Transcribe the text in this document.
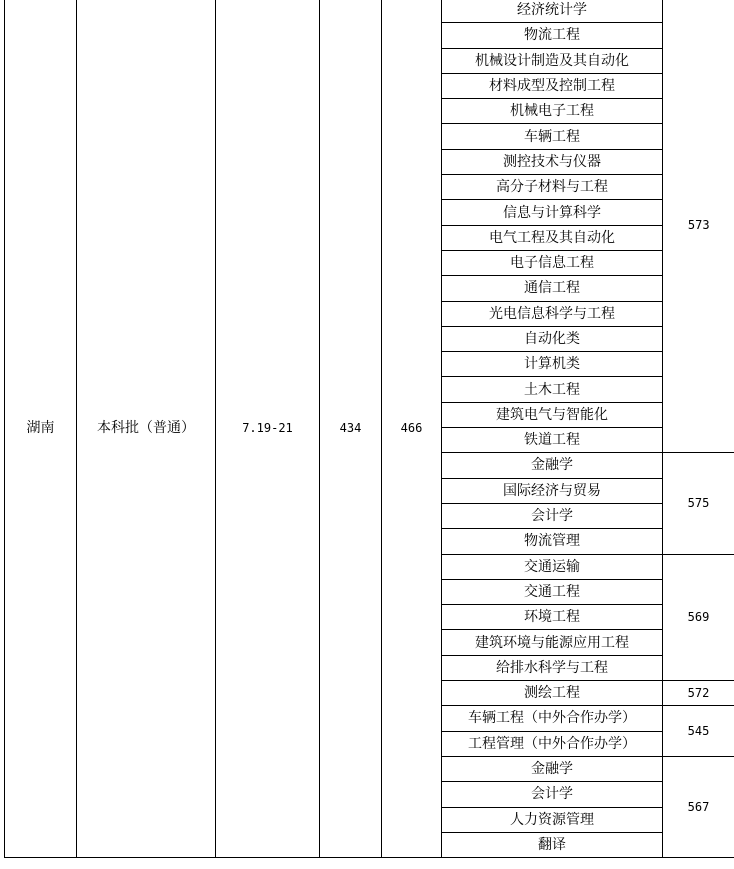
湖南	本科批（普通）	7.19-21	434	466	经济统计学	573
					物流工程	
					机械设计制造及其自动化	
					材料成型及控制工程	
					机械电子工程	
					车辆工程	
					测控技术与仪器	
					高分子材料与工程	
					信息与计算科学	
					电气工程及其自动化	
					电子信息工程	
					通信工程	
					光电信息科学与工程	
					自动化类	
					计算机类	
					土木工程	
					建筑电气与智能化	
					铁道工程	
					金融学	575
					国际经济与贸易	
					会计学	
					物流管理	
					交通运输	569
					交通工程	
					环境工程	
					建筑环境与能源应用工程	
					给排水科学与工程	
					测绘工程	572
					车辆工程（中外合作办学）	545
					工程管理（中外合作办学）	
					金融学	567
					会计学	
					人力资源管理	
					翻译	
